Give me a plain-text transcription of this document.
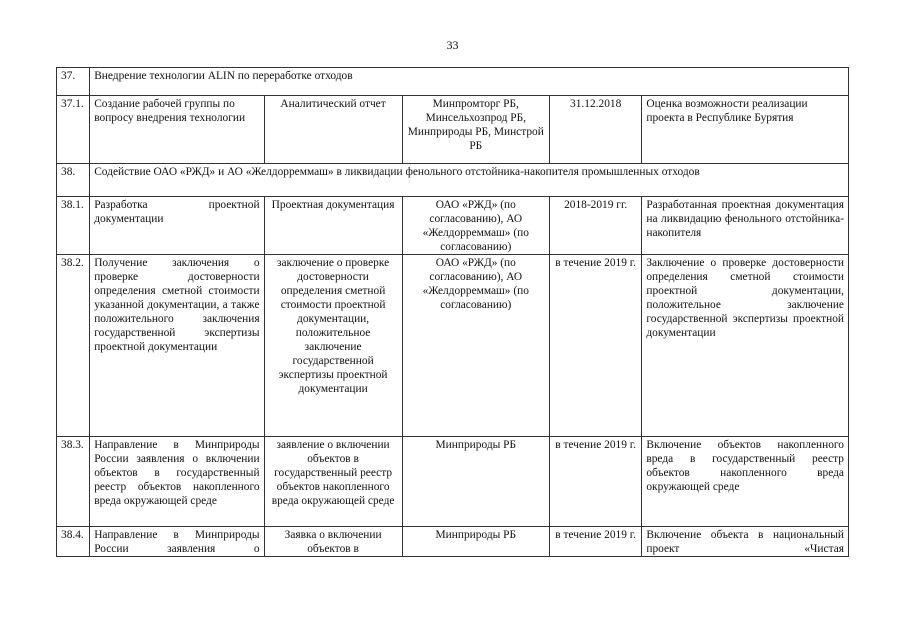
33
37.	Внедрение технологии ALIN по переработке отходов				
37.1.	Создание рабочей группы по вопросу внедрения технологии	Аналитический отчет	Минпромторг РБ, Минсельхозпрод РБ, Минприроды РБ, Минстрой РБ	31.12.2018	Оценка возможности реализации проекта в Республике Бурятия
38.	Содействие ОАО «РЖД» и АО «Желдорреммаш» в ликвидации фенольного отстойника-накопителя промышленных отходов				
38.1.	Разработка проектной документации	Проектная документация	ОАО «РЖД» (по согласованию), АО «Желдорреммаш» (по согласованию)	2018-2019 гг.	Разработанная проектная документация на ликвидацию фенольного отстойника-накопителя
38.2.	Получение заключения о проверке достоверности определения сметной стоимости указанной документации, а также положительного заключения государственной экспертизы проектной документации	заключение о проверке достоверности определения сметной стоимости проектной документации, положительное заключение государственной экспертизы проектной документации	ОАО «РЖД» (по согласованию), АО «Желдорреммаш» (по согласованию)	в течение 2019 г.	Заключение о проверке достоверности определения сметной стоимости проектной документации, положительное заключение государственной экспертизы проектной документации
38.3.	Направление в Минприроды России заявления о включении объектов в государственный реестр объектов накопленного вреда окружающей среде	заявление о включении объектов в государственный реестр объектов накопленного вреда окружающей среде	Минприроды РБ	в течение 2019 г.	Включение объектов накопленного вреда в государственный реестр объектов накопленного вреда окружающей среде
38.4.	Направление в Минприроды России заявления о	Заявка о включении объектов в	Минприроды РБ	в течение 2019 г.	Включение объекта в национальный проект «Чистая
